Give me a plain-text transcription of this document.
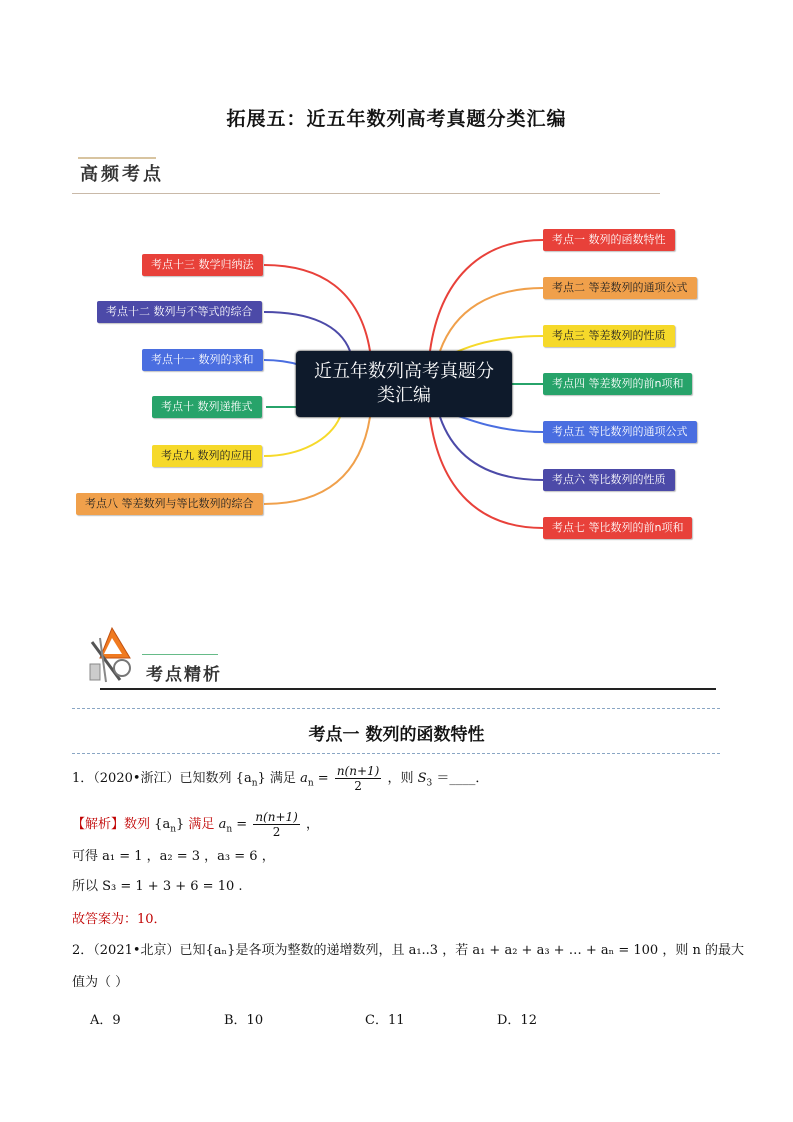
拓展五：近五年数列高考真题分类汇编
高频考点
考点一 数列的函数特性
考点二 等差数列的通项公式
考点三 等差数列的性质
考点四 等差数列的前n项和
考点五 等比数列的通项公式
考点六 等比数列的性质
考点七 等比数列的前n项和
考点十三 数学归纳法
考点十二 数列与不等式的综合
考点十一 数列的求和
考点十 数列递推式
考点九 数列的应用
考点八 等差数列与等比数列的综合
近五年数列高考真题分类汇编
考点精析
考点一 数列的函数特性
1．（2020•浙江）已知数列 $\{a_n\}$ 满足 $a_n = \frac{n(n+1)}{2}$ ，则 $S_3$ ＝____．
【解析】数列 $\{a_n\}$ 满足 $a_n = \frac{n(n+1)}{2}$ ，
可得 a₁ = 1 ，a₂ = 3 ，a₃ = 6 ，
所以 S₃ = 1 + 3 + 6 = 10 .
故答案为：10．
2．（2021•北京）已知{aₙ}是各项为整数的递增数列，且 a₁..3 ，若 a₁ + a₂ + a₃ + … + aₙ = 100 ，则 n 的最大
值为（ ）
A．9	B．10	C．11	D．12
